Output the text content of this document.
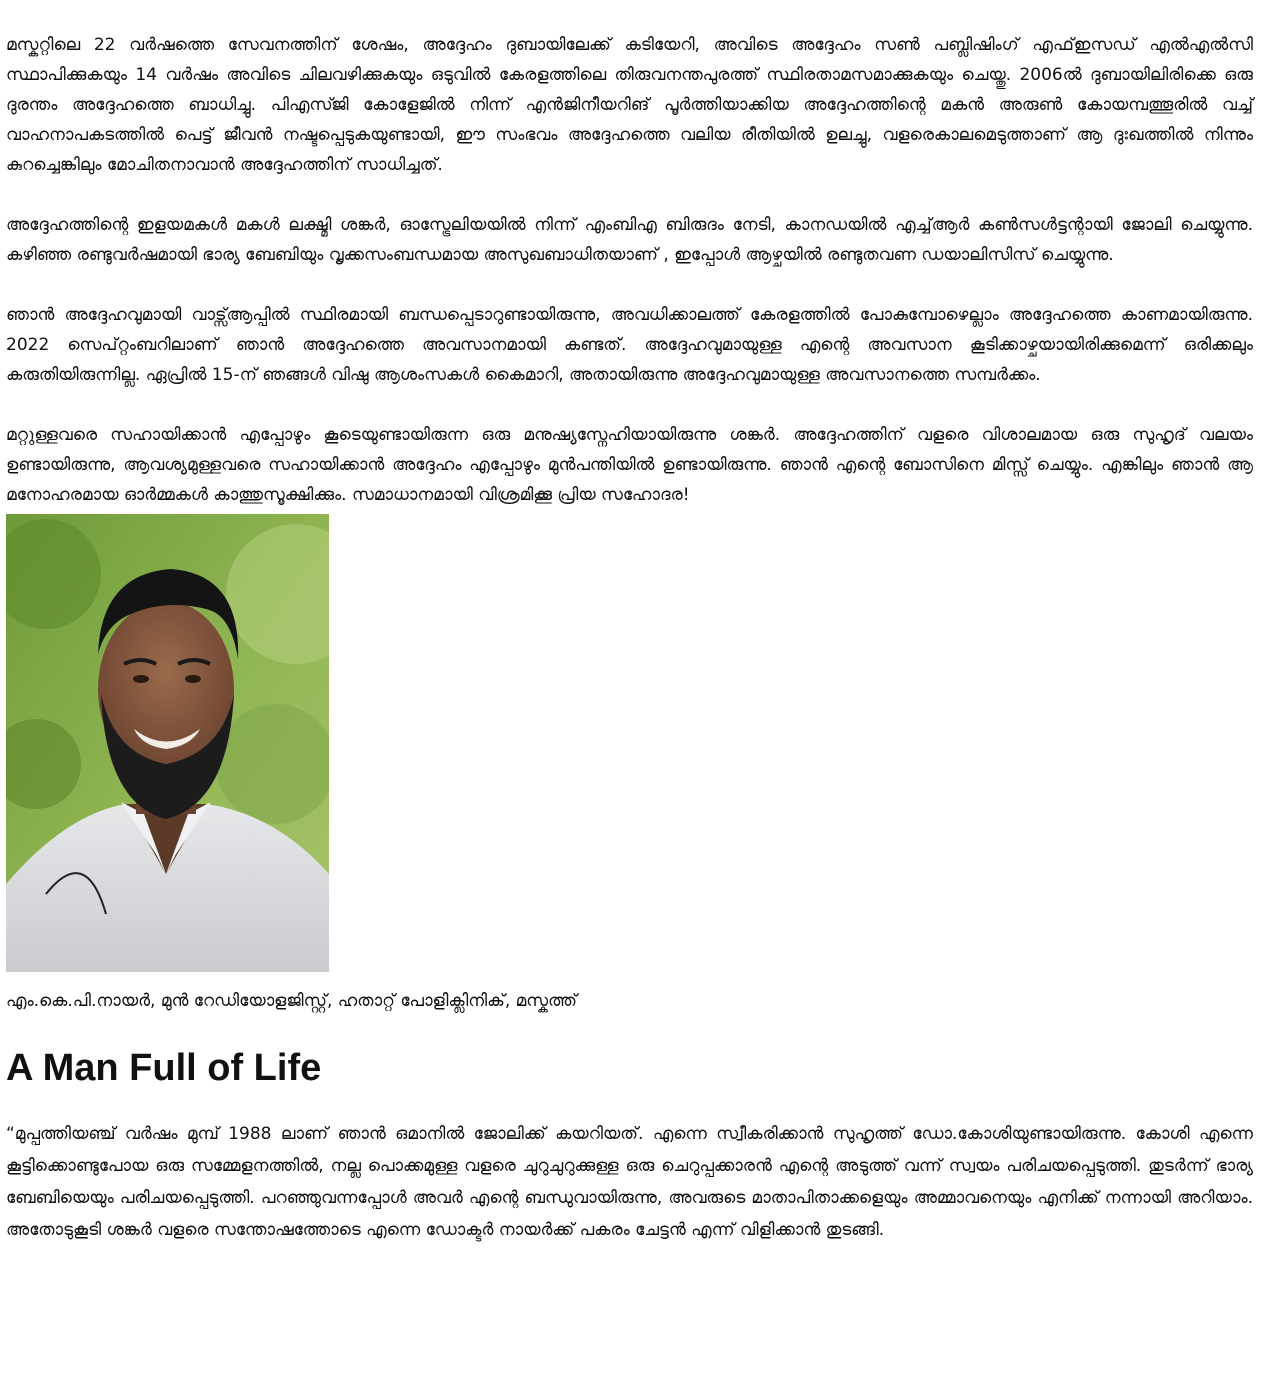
മസ്കറ്റിലെ 22 വർഷത്തെ സേവനത്തിന് ശേഷം, അദ്ദേഹം ദുബായിലേക്ക് കടിയേറി, അവിടെ അദ്ദേഹം സൺ പബ്ലിഷിംഗ് എഫ്ഇസഡ് എൽഎൽസി സ്ഥാപിക്കുകയും 14 വർഷം അവിടെ ചിലവഴിക്കുകയും ഒടുവിൽ കേരളത്തിലെ തിരുവനന്തപുരത്ത് സ്ഥിരതാമസമാക്കുകയും ചെയ്തു. 2006ൽ ദുബായിലിരിക്കെ ഒരു ദുരന്തം അദ്ദേഹത്തെ ബാധിച്ചു. പിഎസ്ജി കോളേജിൽ നിന്ന് എൻജിനീയറിങ് പൂർത്തിയാക്കിയ അദ്ദേഹത്തിന്റെ മകൻ അരുൺ കോയമ്പത്തൂരിൽ വച്ച് വാഹനാപകടത്തിൽ പെട്ട് ജീവൻ നഷ്ടപ്പെടുകയുണ്ടായി, ഈ സംഭവം അദ്ദേഹത്തെ വലിയ രീതിയിൽ ഉലച്ചു, വളരെകാലമെടുത്താണ് ആ ദുഃഖത്തിൽ നിന്നും കുറച്ചെങ്കിലും മോചിതനാവാൻ അദ്ദേഹത്തിന് സാധിച്ചത്.

അദ്ദേഹത്തിന്റെ ഇളയമകൾ മകൾ ലക്ഷ്മി ശങ്കർ, ഓസ്ട്രേലിയയിൽ നിന്ന് എംബിഎ ബിരുദം നേടി, കാനഡയിൽ എച്ച്ആർ കൺസൾട്ടന്റായി ജോലി ചെയ്യുന്നു. കഴിഞ്ഞ രണ്ടുവർഷമായി ഭാര്യ ബേബിയും വൃക്കസംബന്ധമായ അസുഖബാധിതയാണ് , ഇപ്പോൾ ആഴ്ചയിൽ രണ്ടുതവണ ഡയാലിസിസ് ചെയ്യുന്നു.

ഞാൻ അദ്ദേഹവുമായി വാട്സ്ആപ്പിൽ സ്ഥിരമായി ബന്ധപ്പെടാറുണ്ടായിരുന്നു, അവധിക്കാലത്ത് കേരളത്തിൽ പോകുമ്പോഴെല്ലാം അദ്ദേഹത്തെ കാണമായിരുന്നു. 2022 സെപ്റ്റംബറിലാണ് ഞാൻ അദ്ദേഹത്തെ അവസാനമായി കണ്ടത്. അദ്ദേഹവുമായുള്ള എന്റെ അവസാന കൂടിക്കാഴ്ചയായിരിക്കുമെന്ന് ഒരിക്കലും കരുതിയിരുന്നില്ല. ഏപ്രിൽ 15-ന് ഞങ്ങൾ വിഷു ആശംസകൾ കൈമാറി, അതായിരുന്നു അദ്ദേഹവുമായുള്ള അവസാനത്തെ സമ്പർക്കം.

മറ്റുള്ളവരെ സഹായിക്കാൻ എപ്പോഴും കൂടെയുണ്ടായിരുന്ന ഒരു മനുഷ്യസ്നേഹിയായിരുന്നു ശങ്കർ. അദ്ദേഹത്തിന് വളരെ വിശാലമായ ഒരു സുഹൃദ് വലയം ഉണ്ടായിരുന്നു, ആവശ്യമുള്ളവരെ സഹായിക്കാൻ അദ്ദേഹം എപ്പോഴും മുൻപന്തിയിൽ ഉണ്ടായിരുന്നു. ഞാൻ എന്റെ ബോസിനെ മിസ്സ് ചെയ്യും. എങ്കിലും ഞാൻ ആ മനോഹരമായ ഓർമ്മകൾ കാത്തുസൂക്ഷിക്കും. സമാധാനമായി വിശ്രമിക്കൂ പ്രിയ സഹോദര!

എം.കെ.പി.നായർ, മുൻ റേഡിയോളജിസ്റ്റ്, ഹതാറ്റ് പോളിക്ലിനിക്, മസ്കത്ത്

A Man Full of Life

“മുപ്പത്തിയഞ്ച് വർഷം മുമ്പ് 1988 ലാണ് ഞാൻ ഒമാനിൽ ജോലിക്ക് കയറിയത്. എന്നെ സ്വീകരിക്കാൻ സുഹൃത്ത് ഡോ.കോശിയുണ്ടായിരുന്നു. കോശി എന്നെ കൂട്ടിക്കൊണ്ടുപോയ ഒരു സമ്മേളനത്തിൽ, നല്ല പൊക്കമുള്ള വളരെ ചുറുചുറുക്കുള്ള ഒരു ചെറുപ്പക്കാരൻ എന്റെ അടുത്ത് വന്ന് സ്വയം പരിചയപ്പെടുത്തി. തുടർന്ന് ഭാര്യ ബേബിയെയും പരിചയപ്പെടുത്തി. പറഞ്ഞുവന്നപ്പോൾ അവർ എന്റെ ബന്ധുവായിരുന്നു, അവരുടെ മാതാപിതാക്കളെയും അമ്മാവനെയും എനിക്ക് നന്നായി അറിയാം. അതോടുകൂടി ശങ്കർ വളരെ സന്തോഷത്തോടെ എന്നെ ഡോക്ടർ നായർക്ക് പകരം ചേട്ടൻ എന്ന് വിളിക്കാൻ തുടങ്ങി.
